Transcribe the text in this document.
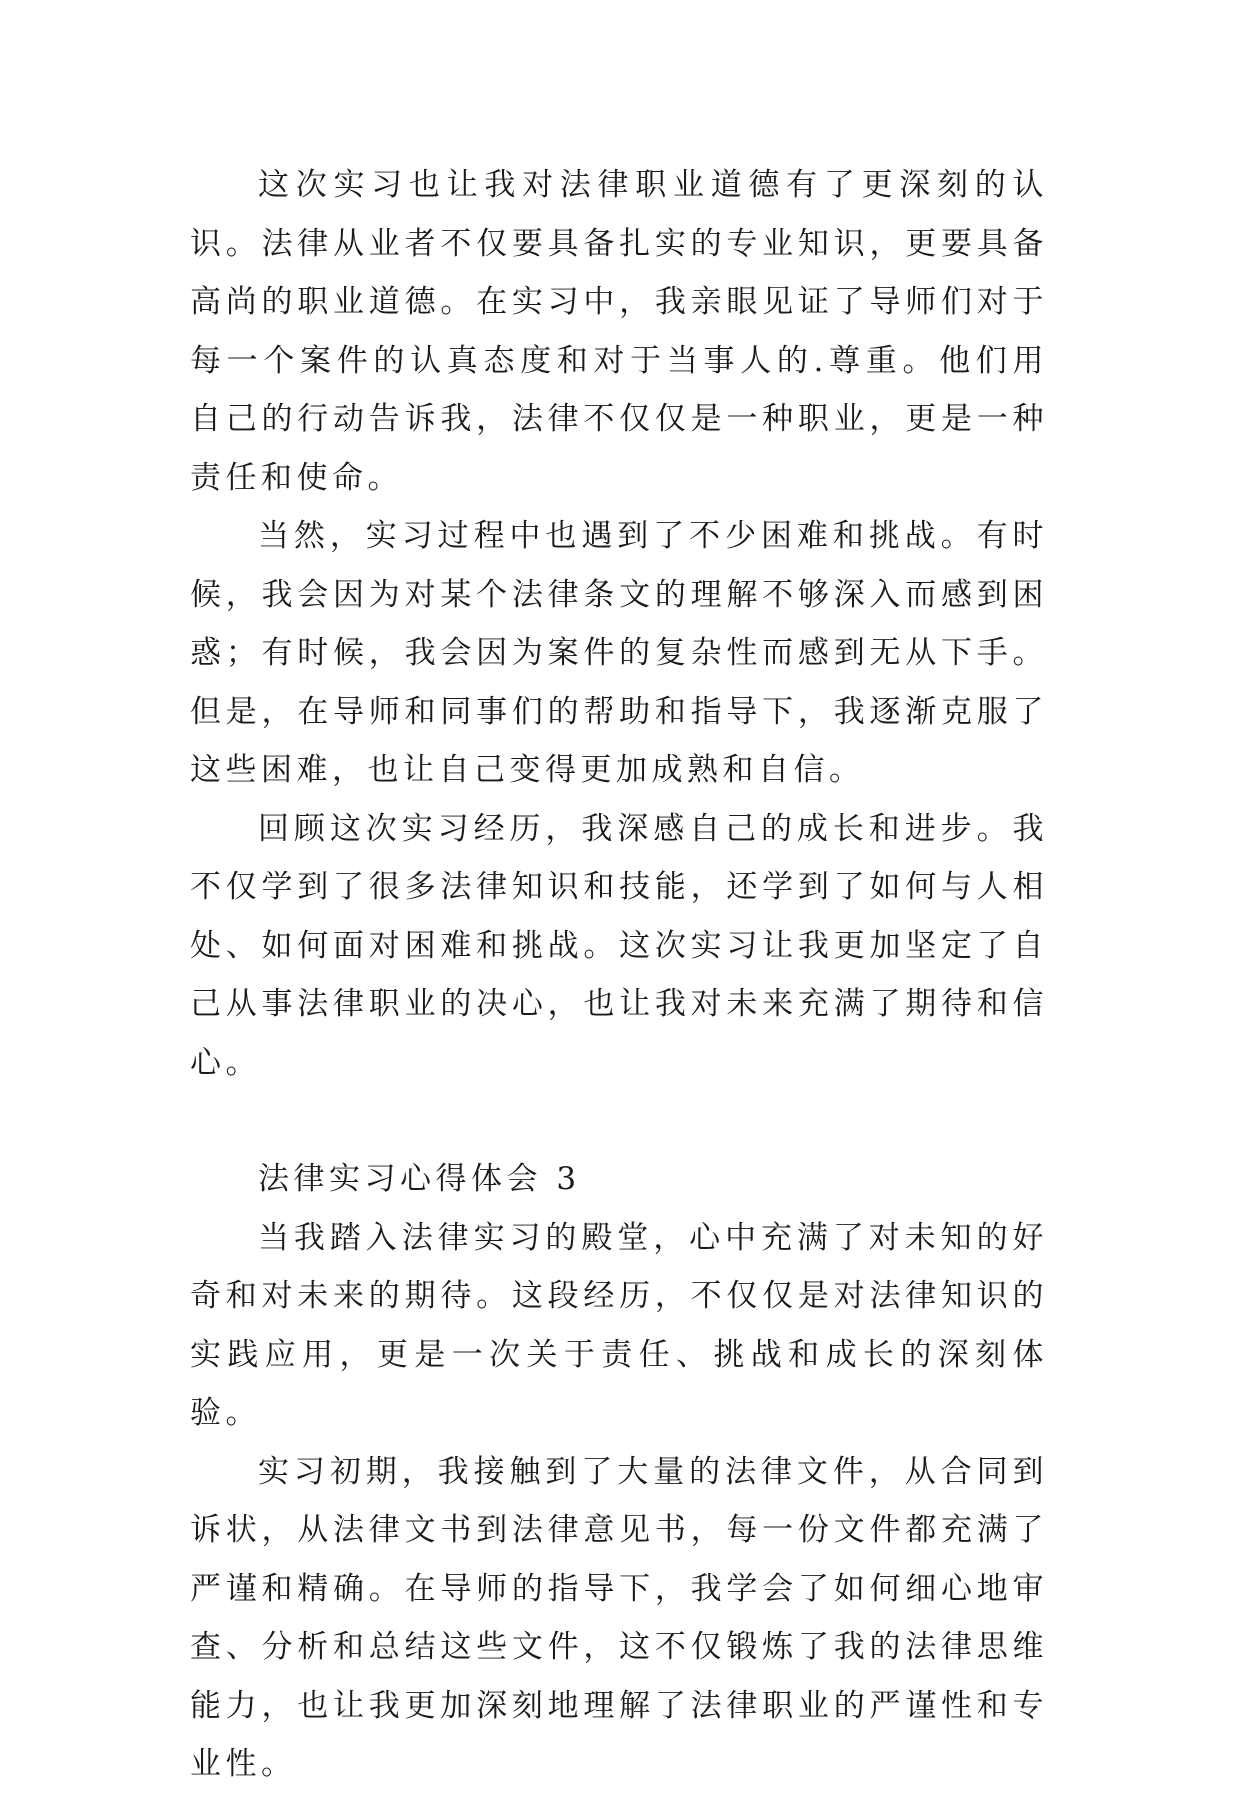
这次实习也让我对法律职业道德有了更深刻的认识。法律从业者不仅要具备扎实的专业知识，更要具备高尚的职业道德。在实习中，我亲眼见证了导师们对于每一个案件的认真态度和对于当事人的.尊重。他们用自己的行动告诉我，法律不仅仅是一种职业，更是一种责任和使命。

当然，实习过程中也遇到了不少困难和挑战。有时候，我会因为对某个法律条文的理解不够深入而感到困惑；有时候，我会因为案件的复杂性而感到无从下手。但是，在导师和同事们的帮助和指导下，我逐渐克服了这些困难，也让自己变得更加成熟和自信。

回顾这次实习经历，我深感自己的成长和进步。我不仅学到了很多法律知识和技能，还学到了如何与人相处、如何面对困难和挑战。这次实习让我更加坚定了自己从事法律职业的决心，也让我对未来充满了期待和信心。

法律实习心得体会 3

当我踏入法律实习的殿堂，心中充满了对未知的好奇和对未来的期待。这段经历，不仅仅是对法律知识的实践应用，更是一次关于责任、挑战和成长的深刻体验。

实习初期，我接触到了大量的法律文件，从合同到诉状，从法律文书到法律意见书，每一份文件都充满了严谨和精确。在导师的指导下，我学会了如何细心地审查、分析和总结这些文件，这不仅锻炼了我的法律思维能力，也让我更加深刻地理解了法律职业的严谨性和专业性。
